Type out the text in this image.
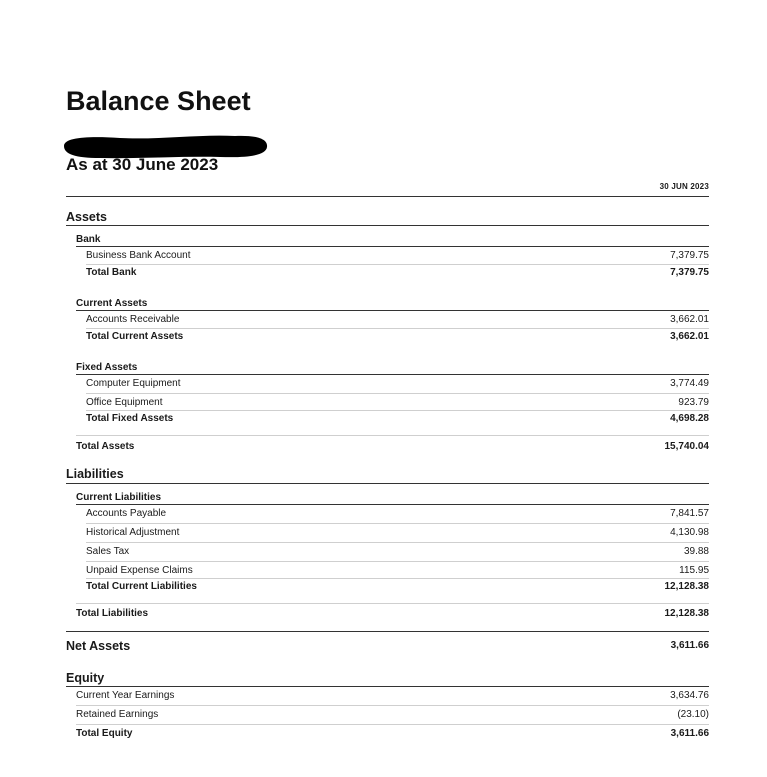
Balance Sheet
As at 30 June 2023
30 JUN 2023
Assets
Bank
Business Bank Account	7,379.75
Total Bank	7,379.75
Current Assets
Accounts Receivable	3,662.01
Total Current Assets	3,662.01
Fixed Assets
Computer Equipment	3,774.49
Office Equipment	923.79
Total Fixed Assets	4,698.28
Total Assets	15,740.04
Liabilities
Current Liabilities
Accounts Payable	7,841.57
Historical Adjustment	4,130.98
Sales Tax	39.88
Unpaid Expense Claims	115.95
Total Current Liabilities	12,128.38
Total Liabilities	12,128.38
Net Assets	3,611.66
Equity
Current Year Earnings	3,634.76
Retained Earnings	(23.10)
Total Equity	3,611.66
